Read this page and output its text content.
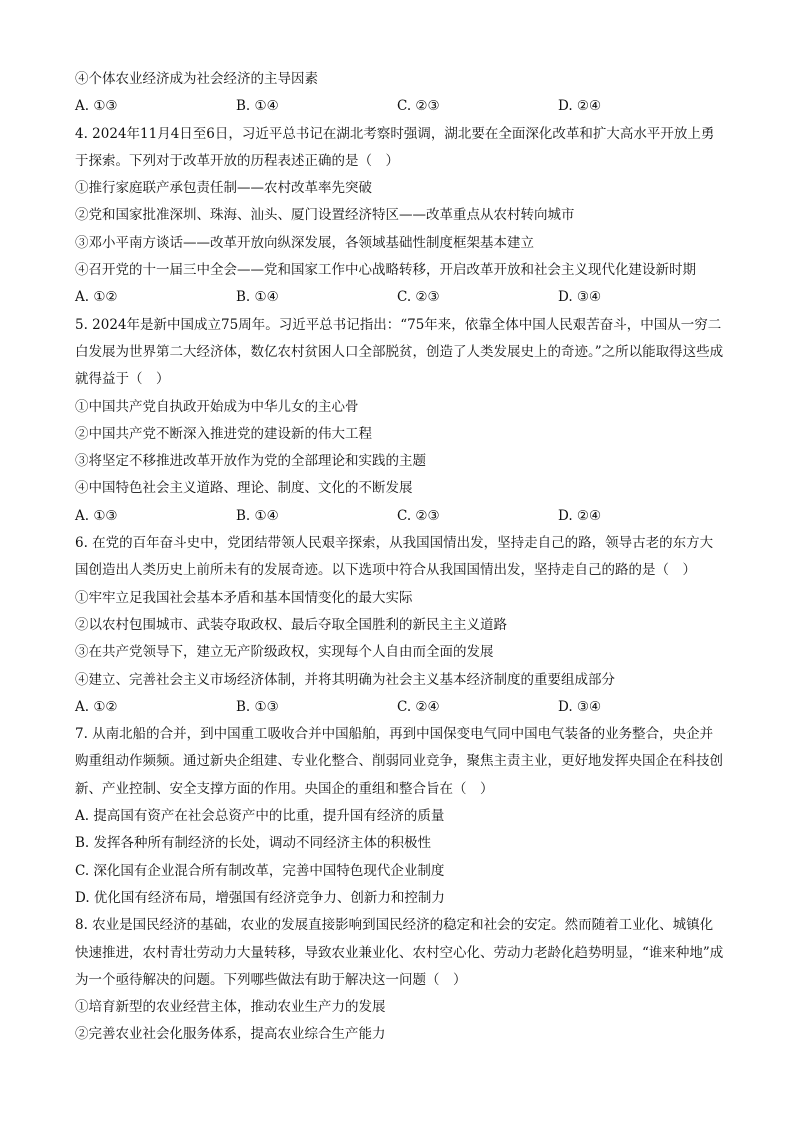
④个体农业经济成为社会经济的主导因素
A. ①③	B. ①④	C. ②③	D. ②④
4. 2024年11月4日至6日，习近平总书记在湖北考察时强调，湖北要在全面深化改革和扩大高水平开放上勇于探索。下列对于改革开放的历程表述正确的是（　）
①推行家庭联产承包责任制——农村改革率先突破
②党和国家批准深圳、珠海、汕头、厦门设置经济特区——改革重点从农村转向城市
③邓小平南方谈话——改革开放向纵深发展，各领域基础性制度框架基本建立
④召开党的十一届三中全会——党和国家工作中心战略转移，开启改革开放和社会主义现代化建设新时期
A. ①②	B. ①④	C. ②③	D. ③④
5. 2024年是新中国成立75周年。习近平总书记指出：“75年来，依靠全体中国人民艰苦奋斗，中国从一穷二白发展为世界第二大经济体，数亿农村贫困人口全部脱贫，创造了人类发展史上的奇迹。”之所以能取得这些成就得益于（　）
①中国共产党自执政开始成为中华儿女的主心骨
②中国共产党不断深入推进党的建设新的伟大工程
③将坚定不移推进改革开放作为党的全部理论和实践的主题
④中国特色社会主义道路、理论、制度、文化的不断发展
A. ①③	B. ①④	C. ②③	D. ②④
6. 在党的百年奋斗史中，党团结带领人民艰辛探索，从我国国情出发，坚持走自己的路，领导古老的东方大国创造出人类历史上前所未有的发展奇迹。以下选项中符合从我国国情出发，坚持走自己的路的是（　）
①牢牢立足我国社会基本矛盾和基本国情变化的最大实际
②以农村包围城市、武装夺取政权、最后夺取全国胜利的新民主主义道路
③在共产党领导下，建立无产阶级政权，实现每个人自由而全面的发展
④建立、完善社会主义市场经济体制，并将其明确为社会主义基本经济制度的重要组成部分
A. ①②	B. ①③	C. ②④	D. ③④
7. 从南北船的合并，到中国重工吸收合并中国船舶，再到中国保变电气同中国电气装备的业务整合，央企并购重组动作频频。通过新央企组建、专业化整合、削弱同业竞争，聚焦主责主业，更好地发挥央国企在科技创新、产业控制、安全支撑方面的作用。央国企的重组和整合旨在（　）
A. 提高国有资产在社会总资产中的比重，提升国有经济的质量
B. 发挥各种所有制经济的长处，调动不同经济主体的积极性
C. 深化国有企业混合所有制改革，完善中国特色现代企业制度
D. 优化国有经济布局，增强国有经济竞争力、创新力和控制力
8. 农业是国民经济的基础，农业的发展直接影响到国民经济的稳定和社会的安定。然而随着工业化、城镇化快速推进，农村青壮劳动力大量转移，导致农业兼业化、农村空心化、劳动力老龄化趋势明显，“谁来种地”成为一个亟待解决的问题。下列哪些做法有助于解决这一问题（　）
①培育新型的农业经营主体，推动农业生产力的发展
②完善农业社会化服务体系，提高农业综合生产能力
